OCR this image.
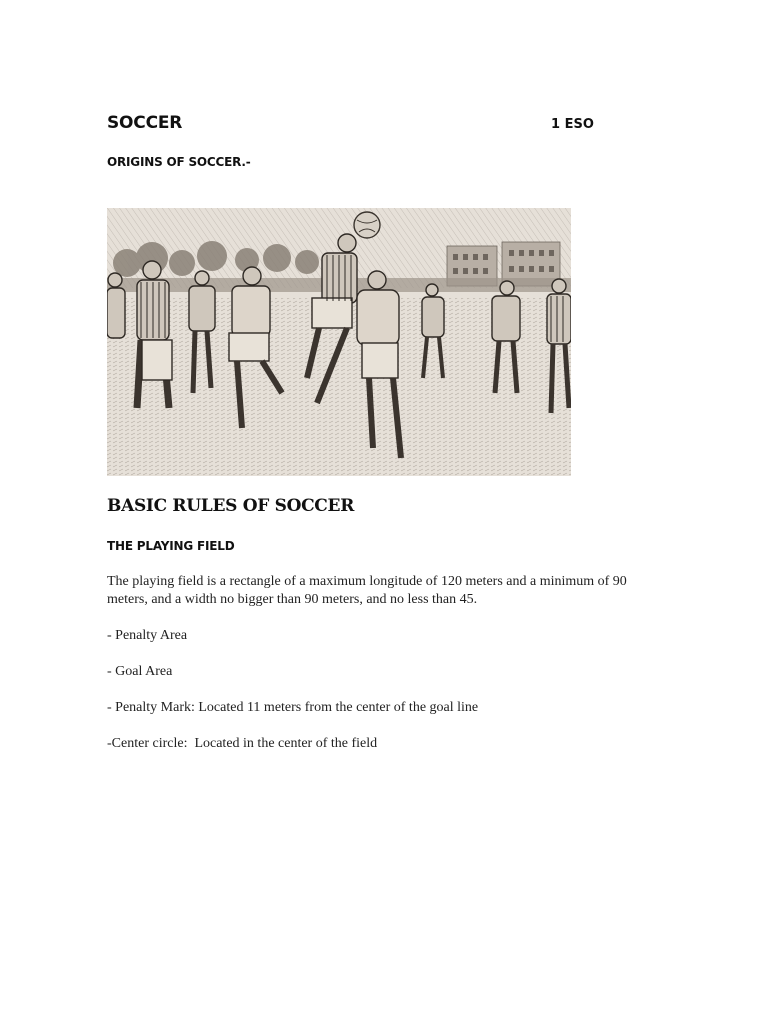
SOCCER	1 ESO
ORIGINS OF SOCCER.-
BASIC RULES OF SOCCER
THE PLAYING FIELD
The playing field is a rectangle of a maximum longitude of 120 meters and a minimum of 90 meters, and a width no bigger than 90 meters, and no less than 45.
- Penalty Area
- Goal Area
- Penalty Mark: Located 11 meters from the center of the goal line
-Center circle:  Located in the center of the field
